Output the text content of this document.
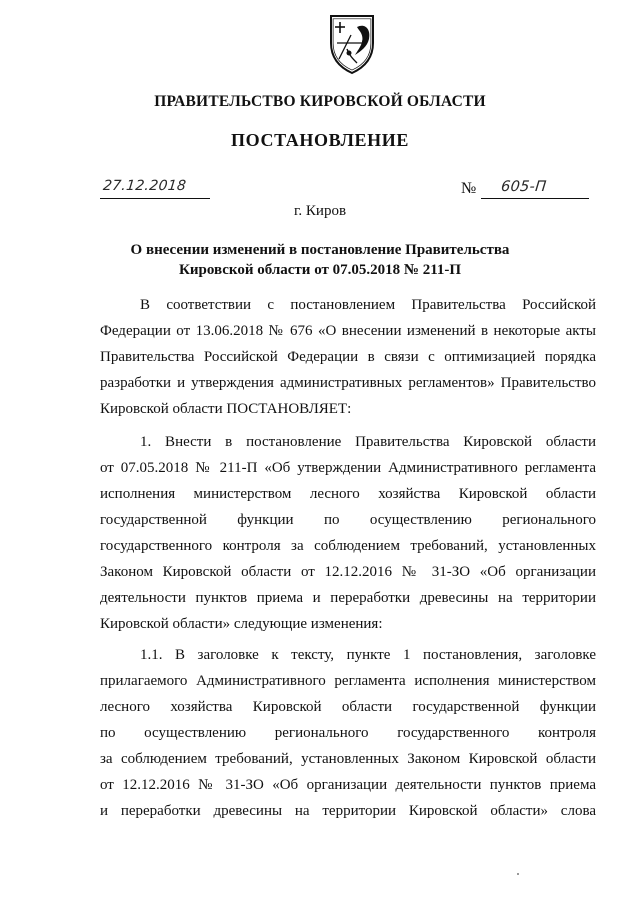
ПРАВИТЕЛЬСТВО КИРОВСКОЙ ОБЛАСТИ
ПОСТАНОВЛЕНИЕ
27.12.2018	№ 605-П
г. Киров
О внесении изменений в постановление Правительства
Кировской области от 07.05.2018 № 211-П
В соответствии с постановлением Правительства Российской
Федерации от 13.06.2018 № 676 «О внесении изменений в некоторые акты
Правительства Российской Федерации в связи с оптимизацией порядка
разработки и утверждения административных регламентов» Правительство
Кировской области ПОСТАНОВЛЯЕТ:
1. Внести в постановление Правительства Кировской области
от 07.05.2018 № 211-П «Об утверждении Административного регламента
исполнения министерством лесного хозяйства Кировской области
государственной функции по осуществлению регионального
государственного контроля за соблюдением требований, установленных
Законом Кировской области от 12.12.2016 № 31-ЗО «Об организации
деятельности пунктов приема и переработки древесины на территории
Кировской области» следующие изменения:
1.1. В заголовке к тексту, пункте 1 постановления, заголовке
прилагаемого Административного регламента исполнения министерством
лесного хозяйства Кировской области государственной функции
по осуществлению регионального государственного контроля
за соблюдением требований, установленных Законом Кировской области
от 12.12.2016 № 31-ЗО «Об организации деятельности пунктов приема
и переработки древесины на территории Кировской области» слова
